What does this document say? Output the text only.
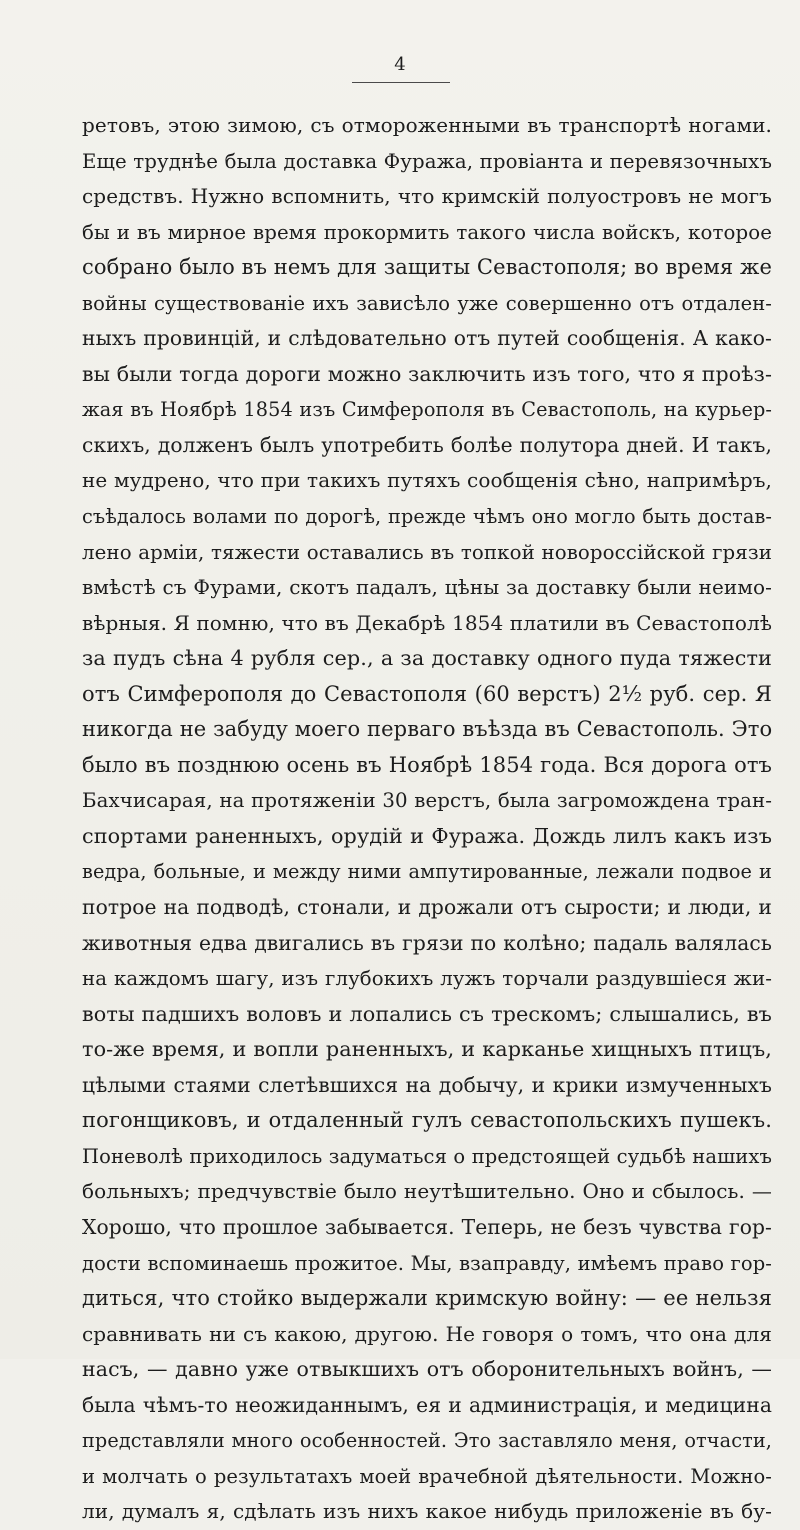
4
ретовъ, этою зимою, съ отмороженными въ транспортѣ ногами.
Еще труднѣе была доставка Фуража, провіанта и перевязочныхъ
средствъ. Нужно вспомнить, что кримскій полуостровъ не могъ
бы и въ мирное время прокормить такого числа войскъ, которое
собрано было въ немъ для защиты Севастополя; во время же
войны существованіе ихъ зависѣло уже совершенно отъ отдален-
ныхъ провинцій, и слѣдовательно отъ путей сообщенія. А како-
вы были тогда дороги можно заключить изъ того, что я проѣз-
жая въ Ноябрѣ 1854 изъ Симферополя въ Севастополь, на курьер-
скихъ, долженъ былъ употребить болѣе полутора дней. И такъ,
не мудрено, что при такихъ путяхъ сообщенія сѣно, напримѣръ,
съѣдалось волами по дорогѣ, прежде чѣмъ оно могло быть достав-
лено арміи, тяжести оставались въ топкой новороссійской грязи
вмѣстѣ съ Фурами, скотъ падалъ, цѣны за доставку были неимо-
вѣрныя. Я помню, что въ Декабрѣ 1854 платили въ Севастополѣ
за пудъ сѣна 4 рубля сер., а за доставку одного пуда тяжести
отъ Симферополя до Севастополя (60 верстъ) 2½ руб. сер. Я
никогда не забуду моего перваго въѣзда въ Севастополь. Это
было въ позднюю осень въ Ноябрѣ 1854 года. Вся дорога отъ
Бахчисарая, на протяженіи 30 верстъ, была загромождена тран-
спортами раненныхъ, орудій и Фуража. Дождь лилъ какъ изъ
ведра, больные, и между ними ампутированные, лежали подвое и
потрое на подводѣ, стонали, и дрожали отъ сырости; и люди, и
животныя едва двигались въ грязи по колѣно; падаль валялась
на каждомъ шагу, изъ глубокихъ лужъ торчали раздувшіеся жи-
воты падшихъ воловъ и лопались съ трескомъ; слышались, въ
то-же время, и вопли раненныхъ, и карканье хищныхъ птицъ,
цѣлыми стаями слетѣвшихся на добычу, и крики измученныхъ
погонщиковъ, и отдаленный гулъ севастопольскихъ пушекъ.
Поневолѣ приходилось задуматься о предстоящей судьбѣ нашихъ
больныхъ; предчувствіе было неутѣшительно. Оно и сбылось. —
Хорошо, что прошлое забывается. Теперь, не безъ чувства гор-
дости вспоминаешь прожитое. Мы, взаправду, имѣемъ право гор-
диться, что стойко выдержали кримскую войну: — ее нельзя
сравнивать ни съ какою, другою. Не говоря о томъ, что она для
насъ, — давно уже отвыкшихъ отъ оборонительныхъ войнъ, —
была чѣмъ-то неожиданнымъ, ея и администрація, и медицина
представляли много особенностей. Это заставляло меня, отчасти,
и молчать о результатахъ моей врачебной дѣятельности. Можно-
ли, думалъ я, сдѣлать изъ нихъ какое нибудь приложеніе въ бу-
